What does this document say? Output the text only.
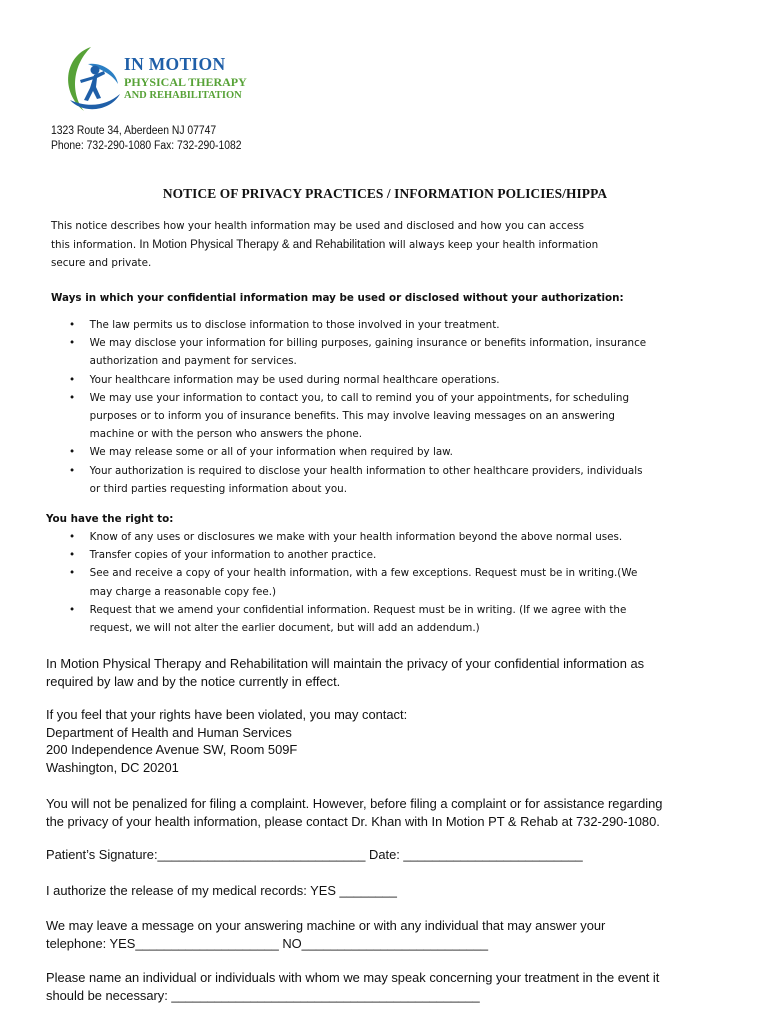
IN MOTION
PHYSICAL THERAPY
AND REHABILITATION
1323 Route 34, Aberdeen NJ 07747
Phone: 732-290-1080 Fax: 732-290-1082
NOTICE OF PRIVACY PRACTICES / INFORMATION POLICIES/HIPPA
This notice describes how your health information may be used and disclosed and how you can access
this information. In Motion Physical Therapy & and Rehabilitation will always keep your health information
secure and private.
Ways in which your confidential information may be used or disclosed without your authorization:
• The law permits us to disclose information to those involved in your treatment.
• We may disclose your information for billing purposes, gaining insurance or benefits information, insurance
authorization and payment for services.
• Your healthcare information may be used during normal healthcare operations.
• We may use your information to contact you, to call to remind you of your appointments, for scheduling
purposes or to inform you of insurance benefits. This may involve leaving messages on an answering
machine or with the person who answers the phone.
• We may release some or all of your information when required by law.
• Your authorization is required to disclose your health information to other healthcare providers, individuals
or third parties requesting information about you.
You have the right to:
• Know of any uses or disclosures we make with your health information beyond the above normal uses.
• Transfer copies of your information to another practice.
• See and receive a copy of your health information, with a few exceptions. Request must be in writing.(We
may charge a reasonable copy fee.)
• Request that we amend your confidential information. Request must be in writing. (If we agree with the
request, we will not alter the earlier document, but will add an addendum.)
In Motion Physical Therapy and Rehabilitation will maintain the privacy of your confidential information as
required by law and by the notice currently in effect.
If you feel that your rights have been violated, you may contact:
Department of Health and Human Services
200 Independence Avenue SW, Room 509F
Washington, DC 20201
You will not be penalized for filing a complaint. However, before filing a complaint or for assistance regarding
the privacy of your health information, please contact Dr. Khan with In Motion PT & Rehab at 732-290-1080.
Patient’s Signature:_____________________________ Date: _________________________
I authorize the release of my medical records: YES ________
We may leave a message on your answering machine or with any individual that may answer your
telephone: YES____________________ NO__________________________
Please name an individual or individuals with whom we may speak concerning your treatment in the event it
should be necessary: ___________________________________________
